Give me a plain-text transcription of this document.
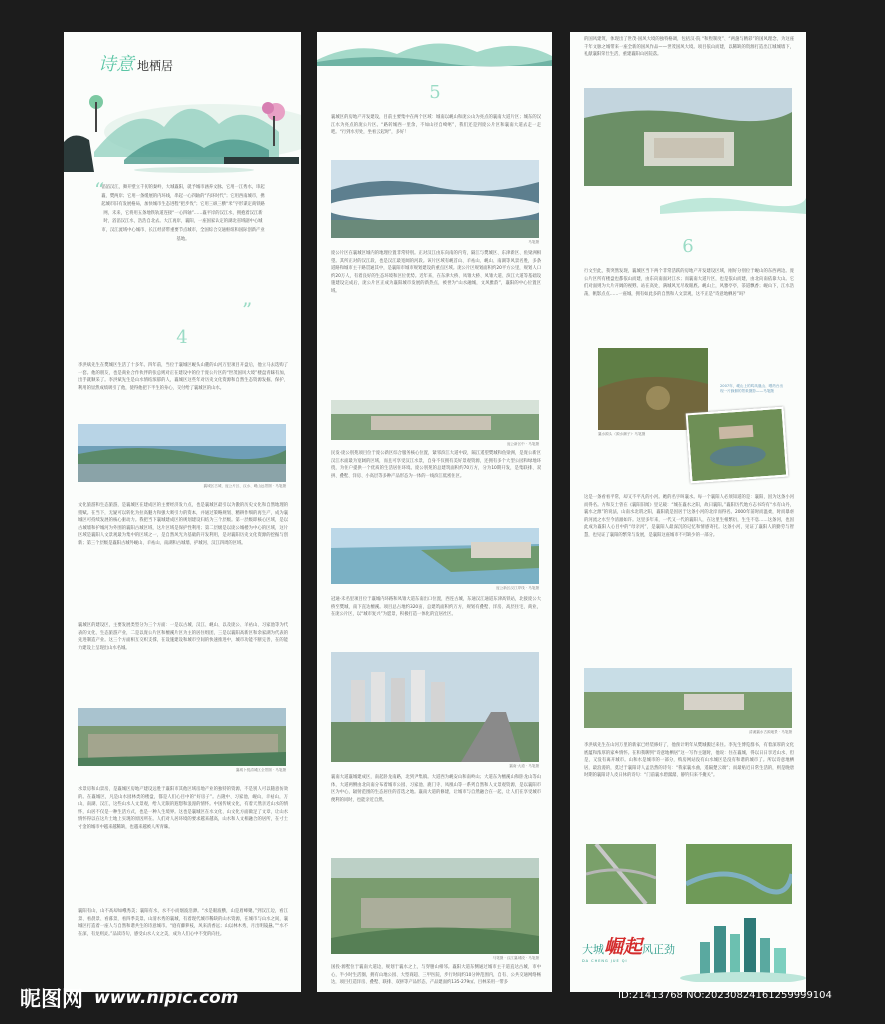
诗意 地栖居
“
滔滔汉江，舞开壁立千仞的秦岭，大城襄阳，就予城市涵养文脉。它用一江秀水，串起襄、樊两岸；它用一条缓展的内环线，串起一心四轴的“内环时代”；它用西南城市，携起城市旧有发展格局，加快城市生态进程“把步伐”；它用三纵三横“米”字形谋定商铁路网，未来，它将用五条地铁轨道连接“一心四轴”……襄平岸的汉江水，拥抱着汉江新时，滔滔汉江水，浩浩自北去。大江再岸，襄阳，一座国家认定的湖北省域副中心城市，汉江流域中心城市、长江经济带重要节点城市，全国综合交通枢纽和国际创新产业基地。
”
4
李洪斌先生在樊城区生活了十多年。四年前，当位于襄城区岘头山麓的山河万里项目开盘后，他立马去选购了一套。他的朋友，也是商业合作伙伴的张总则对正在建设中的位于庞公片区的“世茂国风大境”楼盘青睐有加，出手就顺采了。李洪斌先生是山水情结浓郁的人，襄城区这些年对历史文化资源和自然生态资源发掘、保护、利用的显然成绩吸引了他，使得他把下半生的身心，交付给了襄城区的山水。
襄城区古城、庞公片区、汉水、岘山远景图 · 马笔摄
文化旅游和生态旅游，是襄城区在建成区的主要经济发力点，也是襄城区最引以为傲的历史文化和自然地理的禀赋。在当下，无疑可以转化为拉高魅力和强大吸引力的资本，并通过策略规划、精耕作细的再生产，成为襄城区可持续发展的核心驱动力。我把当下襄城建成区的规划建设归结为三个层级。第一层级即核心区域，是以古城墙和护城河为外围的襄阳古城区域，这片区域是保护性利用；第二层级是以庞公城楼为中心的区域，这片区域是襄阳人文景观最为集中的区域之一，是自然风光为基础的开发利用，是对襄阳历史文化资源的挖掘与创新；第三个层级是襄阳古城外岘山、羊祜山、南湖和古城墙、护城河、汉江四周的区域。
襄城区的建设区，主要发展类型分为三个方面：一是以古城、汉江、岘山、以及庞公、羊祜山、习家池等为代表的文化、生态旅游产业，二是以庞公片区和檀溪片区为主的居住组团，三是以襄阳高新区和余家湖为代表的先进制造产业。这三个方面相互交织支撑，在设施建设和城市空间的快速推进中，城市功能不断完善，在的能力建设上呈现出山水名城。
襄城卜悦清城区全景图 · 马笔摄
水景房和山景房，是襄城区房地产建设远胜于襄阳市其他区域房地产业的独特的资源，不是别人可以随意仿效的。在襄城区，凡是山水园林类的楼盘，都是人们心目中的“好房子”。古隆中、习家池，岘山，羊祜山，万山，南湖、汉江，这些山水人文景观，给人无限的遐想和浪漫的情怀。中国传统文化，有着天然亲近山水的情怀，山居不仅是一种生活方式，也是一种人生境界。这也是襄城区在水文化、山文化方面做足了文章，让山水情怀得以在这片土地上实现的原因所在。人们对人居环境的要求越来越高，山水和人文相融合的居所，在寸土寸金的城市中越来越稀缺，也越来越被人所青睐。
襄阳有山，山不高却如峨秀美；襄阳有水，水不小而烟波浩渺。“水是眼波横，山是眉峰聚。”到汉江边，看江景、看晨景、看暮景，看四季美景。山清水秀的襄城，有着现代城市稀缺的山水资源，在城市与山水之间，襄城区打造着一座人与自然和谐共生的诗意城市。“庭有藤萝枝，风来清香远；山以林木秀，月出明镜悬。”“水不在深，有龙则灵。”品读诗句，感受山水人文之美，成为人们心中不变的向往。
5
襄城区的房地产开发建设，目前主要集中在两个区域：城南以岘山和庞公山为亮点的襄南大道片区；城东的汉江水为亮点的庞公片区。“路转城西一里余，不如山径自崎岖”，我们还是到庞公片区和襄南大道去走一走吧。“行到水穷处，坐看云起时”，多好！
马笔摄
庞公片区在襄城区城内的地理位置非常特别。正对汉江由东向南的内弯，隔江与樊城区、东津新区、鱼梁洲相望。其所正对的汉江段，也是汉江最宽阔的河段。该片区域有岘首山、羊祜山、岘山、南湖等风景名胜，多条道路和城市主干路贯通其中，是襄阳市城市规划建设的重点区域。庞公片区规划面积约20平方公里，规划人口约20万人，有着良好的生态环境和区位优势。近年来，在东津大桥、凤雏大桥、凤雏大道、滨江大道等基础设施建设完成后，庞公片区正成为襄阳城市发展的新热点，被誉为“山水融城，文风雅韵”，襄阳的中心位置区域。
庞公新区中 · 马笔摄
民发·庞公别苑项目位于庞公新区综合服务核心位置，紧邻滨江大道中段，隔江遥望樊城和鱼梁洲，是庞公新区汉江水面最为宽阔的区域，而且可享受汉江水景，自身不仅拥有美好景观资源，还拥有多个大型公园和绿地环绕，为住户提供一个优质的生活居住环境。庞公别苑的总建筑面积约70万方，分为10期开发，是集联排、双拼、叠墅、洋房、小高层等多种产品形态为一体的一线滨江低密住区。
庞公新区汉江岸线 · 马笔摄
冠通·未名里项目位于襄城内环路和凤雏大道东南出口位置，西连古城，东通汉江通道东津高铁站，北接庞公大桥至樊城，南下直达檀溪。项目总占地约320亩，总建筑面积约万方，规划有叠墅、洋房、高层住宅、商业，在庞公片区，以“城市复兴”为愿景，积极打造一体化的宜居社区。
襄南·大道 · 马笔摄
襄南大道襄城建成区，南起卧龙南路，北到尹集镇。大道西为岘安山和南岭山；大道东为檀溪山和卧龙山等山体，大道两侧由北向南分布着城市公园、习家池、鹿门寺、凤凰山等一系列自然和人文景观资源，是以襄阳市区为中心，辐射范围的生态居住的首选之地。襄南大道的修建，让城市与自然融合在一起，让人们在享受城市便利的同时，也能亲近自然。
马笔摄 · 汉江襄城段 · 马笔摄
国投·源墅位于襄南大道边，规划于襄水之上，与穿膳山相邻。襄阳大道东侧通过城市主干道直达古城、市中心，半小时生活圈，拥有山地公园、大型商超、三甲医院，步行时间约10分钟范围内，自有、公共交通网络畅达，项目打造洋房、叠墅、联排、双拼等产品形态，产品建面约135-279㎡。目林采用一带多
的国风建筑，体现出了世茂·国风大境的独特格调，包括汉·院 “和煦制度”、“两盏与精彩”的国风理念，为这座千年文脉之城带来一座全新的国风作品——世茂国风大境。项目依山而建，以稀缺的资源打造出江城城墙下，礼献襄阳荣仕生活，重建襄阳山居院落。
6
行文至此，我突然发现，襄城区当下两个非常活跃的房地产开发建设区域，刚好分别位于岘山的东西两边。庞公片区所有楼盘也都依山而建，由东向南面对江水；而襄南大道片区，也是依山而建，由北向南依靠大山。它们对面则为大片开阔的视野。站在高处，满城风光尽收眼底。岘山上，风雅亭亭，茶道飘香；岘山下，江水浩荡，帆影点点……一座城，拥有如此多的自然和人文景观，这不正是“诗意地栖居”吗？
2007年，岘山上的鸣凤凰山、晒药台出现一片蜂拥的景象摄影——马笔摄
襄水源头（源水潮子）· 马笔摄
这是一条看看平常，却又不平凡的小河。她的名字叫襄水。每一个襄阳人必须知道的是：襄阳，因为这条小河而得名。方和友士曾在《襄阳旧闻》里记载：“城在襄水之阳，故曰襄阳。”襄阳历代地方志书均有“水有山丹，襄水之源”的说法，山南水北谓之阳，襄阳就是因居于这条小河的北岸而得名。2000年前时而温柔，时而暴虐的河流之水至今清澈如许。这里多年来，一代又一代的襄阳人，在这里生根繁衍，生生不息……这条河，也因此成为襄阳人心目中的“母亲河”，是襄阳人最深沉的记忆和情感寄托。这条小河，见证了襄阳人的勤劳与智慧，也见证了襄阳的繁荣与发展，是襄阳这座城市不可缺少的一部分。
清溪襄水古源地景 · 马笔摄
李洪斌先生在山河万里的新家已经装修好了，他预计明年从樊城搬过来住。李先生博览群书，有着深厚的文化底蕴和浓厚的家乡情怀。在和我聊到“诗意地栖居”这一写作主题时，他说：住在襄城，得以日日享近山水、但是，又没有离开城市。山和水是城市的一部分，购房网站没有山水城区是没有和谐的城市了。所以诗意地栖居，最浪漫的，莫过于襄阳诗人孟浩然的诗句：“我家襄水曲，遥隔楚云端”；而最贴近日常生活的，则是晚唐时期的襄阳诗人皮日休的诗句：“门前襄水碧潺潺，静钓归来不掩关”。
大城崛起风正劲
DA CHENG JUE QI
昵图网 www.nipic.com	ID:21413768 NO:20230824161259999104
